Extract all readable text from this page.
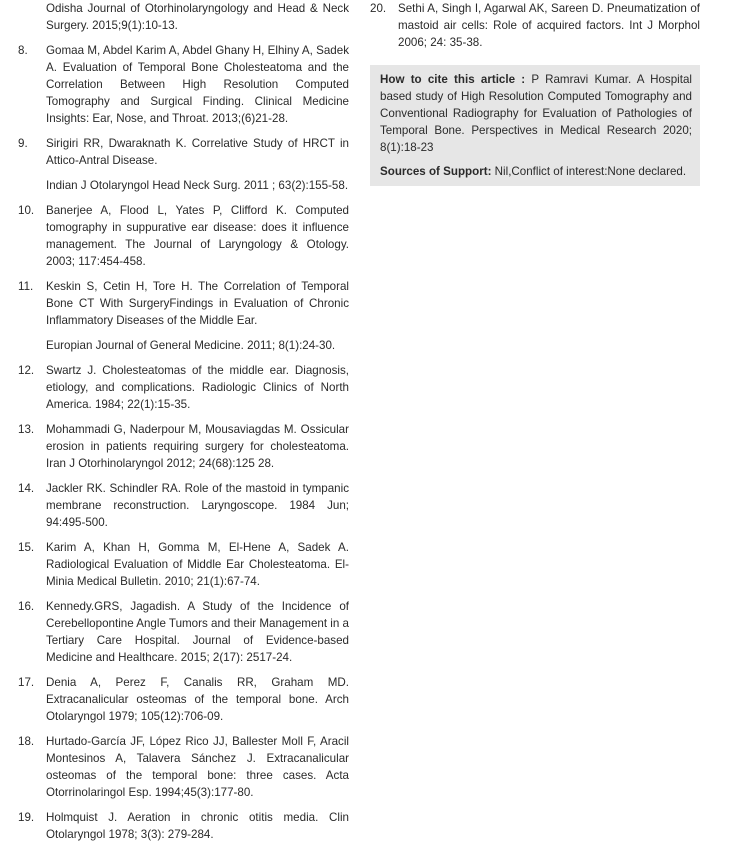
Odisha Journal of Otorhinolaryngology and Head & Neck Surgery. 2015;9(1):10-13.
8. Gomaa M, Abdel Karim A, Abdel Ghany H, Elhiny A, Sadek A. Evaluation of Temporal Bone Cholesteatoma and the Correlation Between High Resolution Computed Tomography and Surgical Finding. Clinical Medicine Insights: Ear, Nose, and Throat. 2013;(6)21-28.
9. Sirigiri RR, Dwaraknath K. Correlative Study of HRCT in Attico-Antral Disease.
Indian J Otolaryngol Head Neck Surg. 2011 ; 63(2):155-58.
10. Banerjee A, Flood L, Yates P, Clifford K. Computed tomography in suppurative ear disease: does it influence management. The Journal of Laryngology & Otology. 2003; 117:454-458.
11. Keskin S, Cetin H, Tore H. The Correlation of Temporal Bone CT With SurgeryFindings in Evaluation of Chronic Inflammatory Diseases of the Middle Ear.
Europian Journal of General Medicine. 2011; 8(1):24-30.
12. Swartz J. Cholesteatomas of the middle ear. Diagnosis, etiology, and complications. Radiologic Clinics of North America. 1984; 22(1):15-35.
13. Mohammadi G, Naderpour M, Mousaviagdas M. Ossicular erosion in patients requiring surgery for cholesteatoma. Iran J Otorhinolaryngol 2012; 24(68):125 28.
14. Jackler RK. Schindler RA. Role of the mastoid in tympanic membrane reconstruction. Laryngoscope. 1984 Jun; 94:495-500.
15. Karim A, Khan H, Gomma M, El-Hene A, Sadek A. Radiological Evaluation of Middle Ear Cholesteatoma. El-Minia Medical Bulletin. 2010; 21(1):67-74.
16. Kennedy.GRS, Jagadish. A Study of the Incidence of Cerebellopontine Angle Tumors and their Management in a Tertiary Care Hospital. Journal of Evidence-based Medicine and Healthcare. 2015; 2(17): 2517-24.
17. Denia A, Perez F, Canalis RR, Graham MD. Extracanalicular osteomas of the temporal bone. Arch Otolaryngol 1979; 105(12):706-09.
18. Hurtado-García JF, López Rico JJ, Ballester Moll F, Aracil Montesinos A, Talavera Sánchez J. Extracanalicular osteomas of the temporal bone: three cases. Acta Otorrinolaringol Esp. 1994;45(3):177-80.
19. Holmquist J. Aeration in chronic otitis media. Clin Otolaryngol 1978; 3(3): 279-284.
20. Sethi A, Singh I, Agarwal AK, Sareen D. Pneumatization of mastoid air cells: Role of acquired factors. Int J Morphol 2006; 24: 35-38.

How to cite this article : P Ramravi Kumar. A Hospital based study of High Resolution Computed Tomography and Conventional Radiography for Evaluation of Pathologies of Temporal Bone. Perspectives in Medical Research 2020; 8(1):18-23

Sources of Support: Nil,Conflict of interest:None declared.
